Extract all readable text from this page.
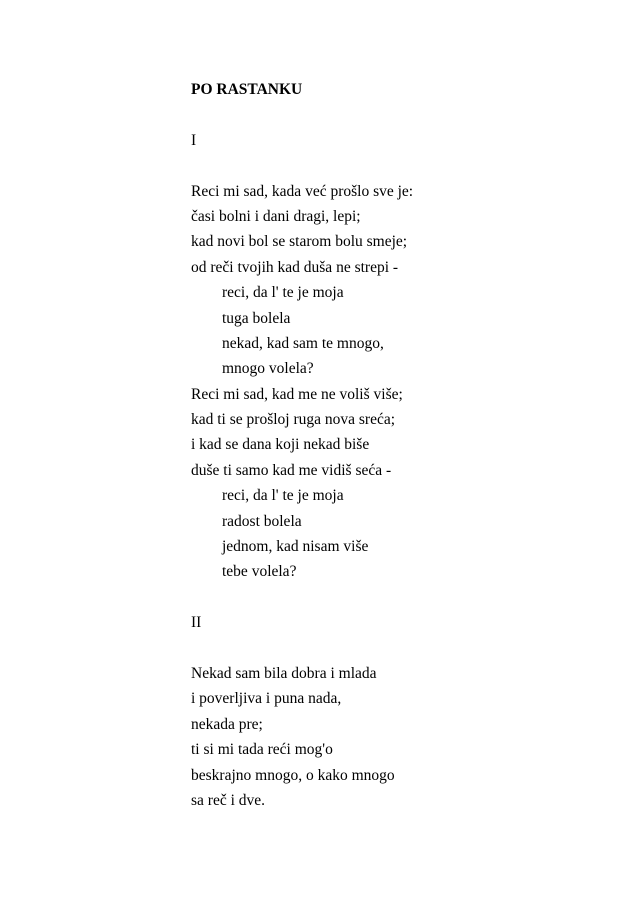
PO RASTANKU
I
Reci mi sad, kada već prošlo sve je:
časi bolni i dani dragi, lepi;
kad novi bol se starom bolu smeje;
od reči tvojih kad duša ne strepi -
reci, da l' te je moja
tuga bolela
nekad, kad sam te mnogo,
mnogo volela?
Reci mi sad, kad me ne voliš više;
kad ti se prošloj ruga nova sreća;
i kad se dana koji nekad biše
duše ti samo kad me vidiš seća -
reci, da l' te je moja
radost bolela
jednom, kad nisam više
tebe volela?
II
Nekad sam bila dobra i mlada
i poverljiva i puna nada,
nekada pre;
ti si mi tada reći mog'o
beskrajno mnogo, o kako mnogo
sa reč i dve.
